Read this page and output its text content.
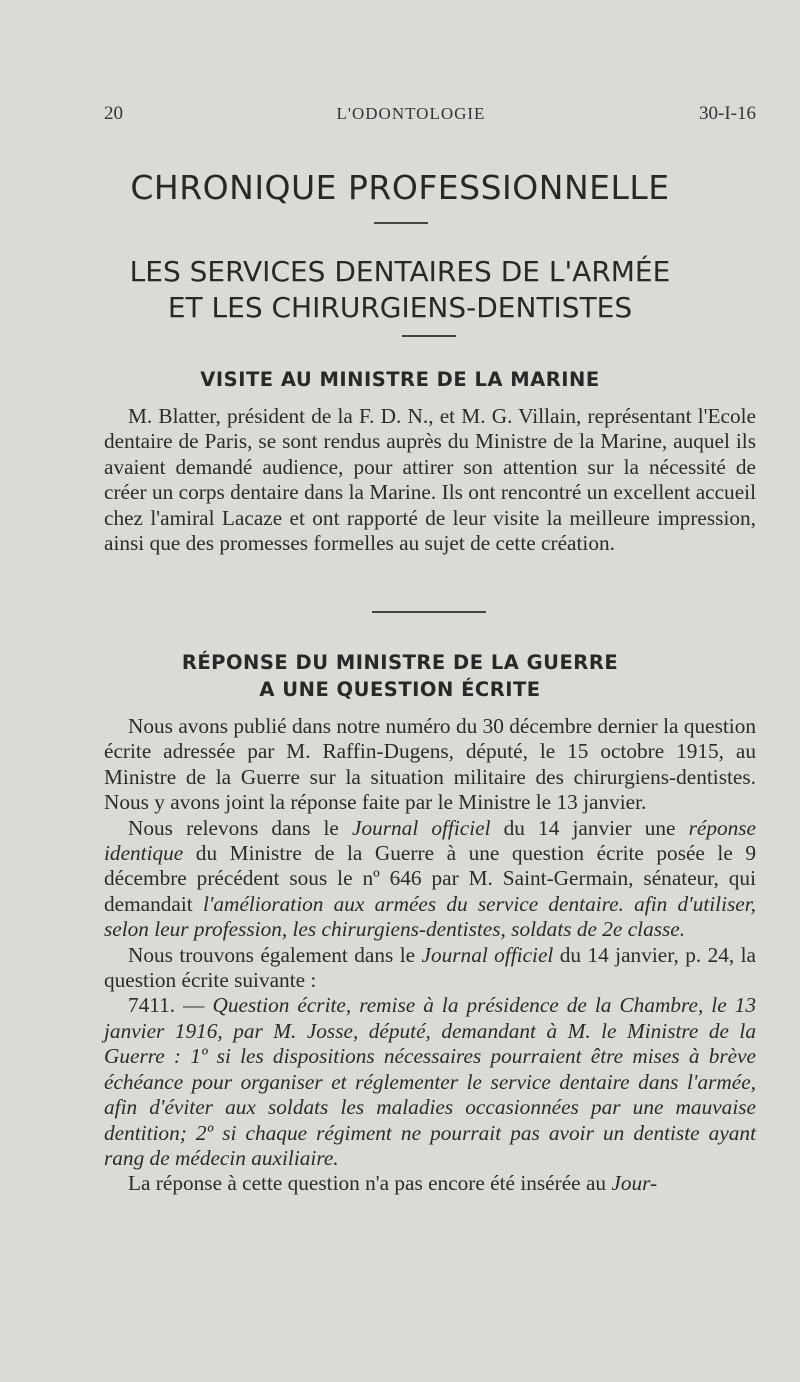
20	L'ODONTOLOGIE	30-I-16
CHRONIQUE PROFESSIONNELLE
LES SERVICES DENTAIRES DE L'ARMÉE
ET LES CHIRURGIENS-DENTISTES
VISITE AU MINISTRE DE LA MARINE

M. Blatter, président de la F. D. N., et M. G. Villain, représentant l'Ecole dentaire de Paris, se sont rendus auprès du Ministre de la Marine, auquel ils avaient demandé audience, pour attirer son attention sur la nécessité de créer un corps dentaire dans la Marine. Ils ont rencontré un excellent accueil chez l'amiral Lacaze et ont rapporté de leur visite la meilleure impression, ainsi que des promesses formelles au sujet de cette création.

RÉPONSE DU MINISTRE DE LA GUERRE
A UNE QUESTION ÉCRITE

Nous avons publié dans notre numéro du 30 décembre dernier la question écrite adressée par M. Raffin-Dugens, député, le 15 octobre 1915, au Ministre de la Guerre sur la situation militaire des chirurgiens-dentistes. Nous y avons joint la réponse faite par le Ministre le 13 janvier.

Nous relevons dans le Journal officiel du 14 janvier une réponse identique du Ministre de la Guerre à une question écrite posée le 9 décembre précédent sous le nº 646 par M. Saint-Germain, sénateur, qui demandait l'amélioration aux armées du service dentaire. afin d'utiliser, selon leur profession, les chirurgiens-dentistes, soldats de 2e classe.

Nous trouvons également dans le Journal officiel du 14 janvier, p. 24, la question écrite suivante :

7411. — Question écrite, remise à la présidence de la Chambre, le 13 janvier 1916, par M. Josse, député, demandant à M. le Ministre de la Guerre : 1º si les dispositions nécessaires pourraient être mises à brève échéance pour organiser et réglementer le service dentaire dans l'armée, afin d'éviter aux soldats les maladies occasionnées par une mauvaise dentition; 2º si chaque régiment ne pourrait pas avoir un dentiste ayant rang de médecin auxiliaire.

La réponse à cette question n'a pas encore été insérée au Jour-
